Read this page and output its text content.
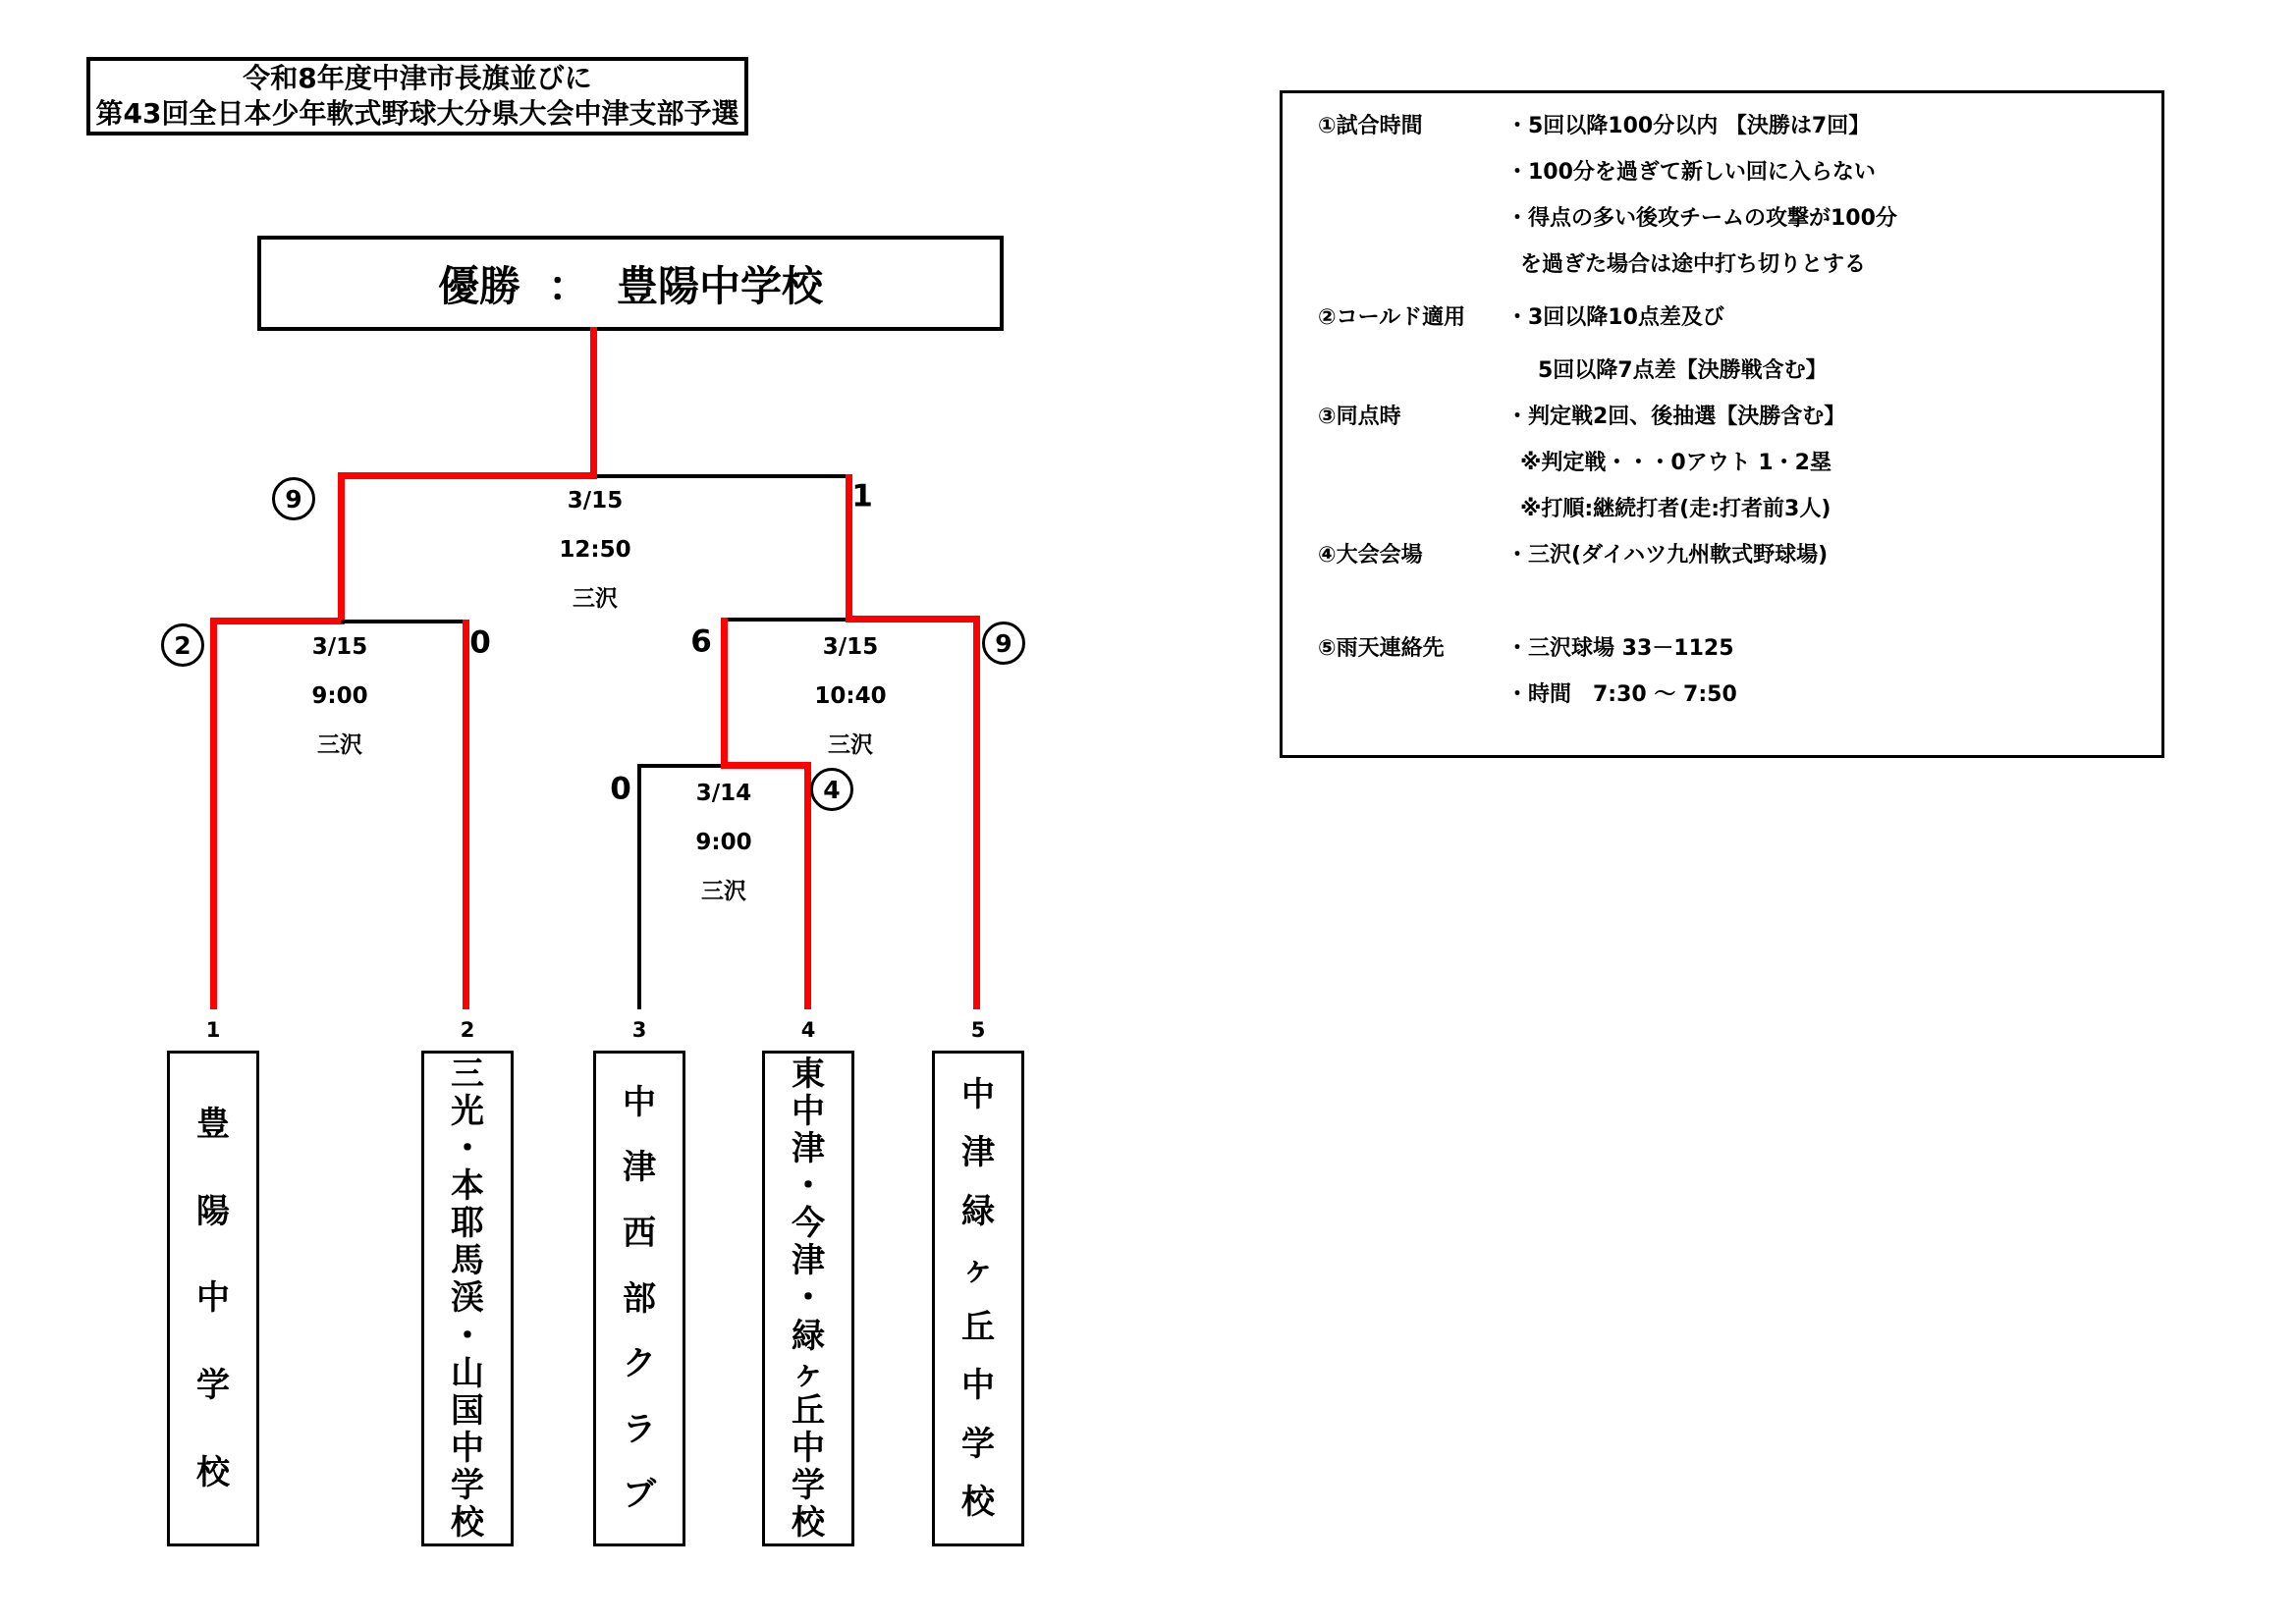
令和8年度中津市長旗並びに
第43回全日本少年軟式野球大分県大会中津支部予選
優勝 ： 豊陽中学校
9	1
2	0	6	9
0	4
3/15
12:50
三沢
3/15
9:00
三沢
3/15
10:40
三沢
3/14
9:00
三沢
1
豊
陽
中
学
校
2
三
光
・
本
耶
馬
渓
・
山
国
中
学
校
3
中
津
西
部
ク
ラ
ブ
4
東
中
津
・
今
津
・
緑
ヶ
丘
中
学
校
5
中
津
緑
ヶ
丘
中
学
校
①試合時間	・5回以降100分以内 【決勝は7回】
・100分を過ぎて新しい回に入らない
・得点の多い後攻チームの攻撃が100分
を過ぎた場合は途中打ち切りとする
②コールド適用	・3回以降10点差及び
5回以降7点差【決勝戦含む】
③同点時	・判定戦2回、後抽選【決勝含む】
※判定戦・・・0アウト 1・2塁
※打順:継続打者(走:打者前3人)
④大会会場	・三沢(ダイハツ九州軟式野球場)
⑤雨天連絡先	・三沢球場 33－1125
・時間　7:30 ～ 7:50
